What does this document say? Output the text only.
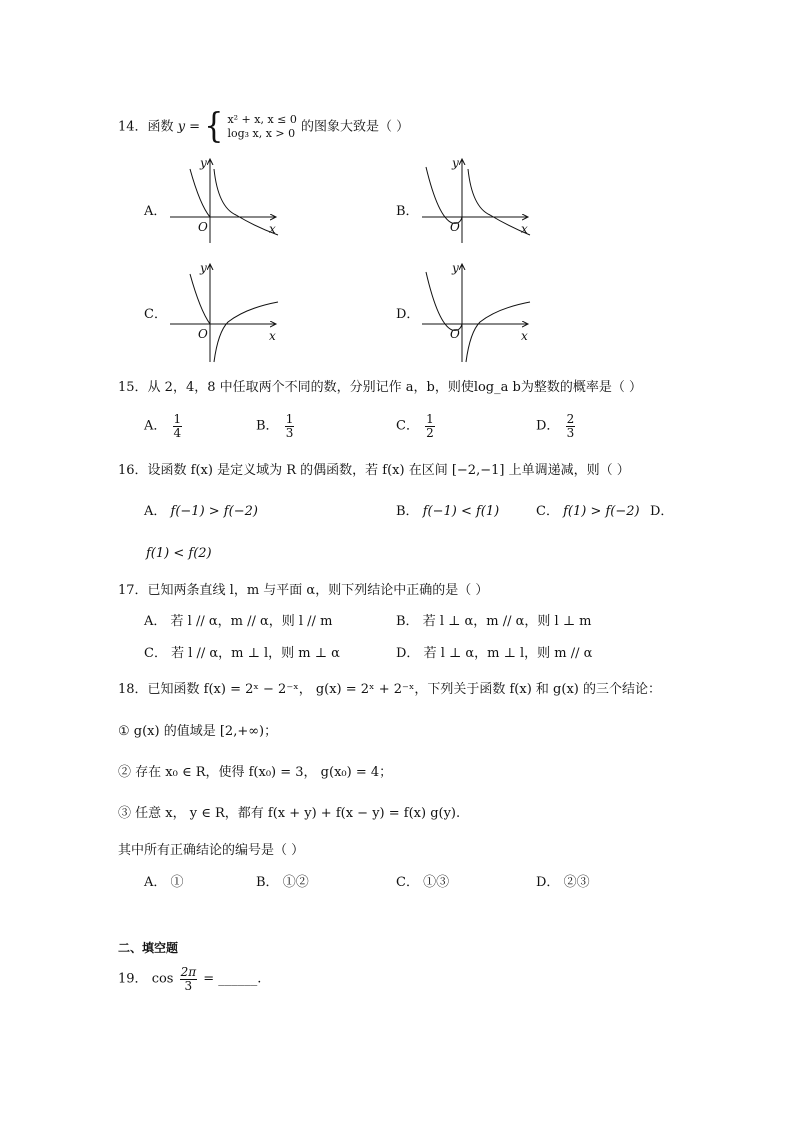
14．函数 y = { x² + x, x ≤ 0
log₃ x, x > 0 的图象大致是（ ）
A．	B．
C．	D．
O	x
y
O	x
y
O	x
y
O	x
y
15．从 2，4，8 中任取两个不同的数，分别记作 a，b，则使log_a b为整数的概率是（ ）
A． $\frac{1}{4}$	B． $\frac{1}{3}$	C． $\frac{1}{2}$	D． $\frac{2}{3}$
16．设函数 f(x) 是定义域为 R 的偶函数，若 f(x) 在区间 [−2,−1] 上单调递减，则（ ）
A． f(−1) > f(−2)	B． f(−1) < f(1)	C． f(1) > f(−2) D．
f(1) < f(2)
17．已知两条直线 l，m 与平面 α，则下列结论中正确的是（ ）
A． 若 l // α，m // α，则 l // m	B． 若 l ⊥ α，m // α，则 l ⊥ m
C． 若 l // α，m ⊥ l，则 m ⊥ α	D． 若 l ⊥ α，m ⊥ l，则 m // α
18．已知函数 f(x) = 2ˣ − 2⁻ˣ， g(x) = 2ˣ + 2⁻ˣ，下列关于函数 f(x) 和 g(x) 的三个结论：
① g(x) 的值域是 [2,+∞)；
② 存在 x₀ ∈ R，使得 f(x₀) = 3， g(x₀) = 4；
③ 任意 x， y ∈ R，都有 f(x + y) + f(x − y) = f(x) g(y).
其中所有正确结论的编号是（ ）
A． ①	B． ①②	C． ①③	D． ②③
二、填空题
19． $\cos \frac{2\pi}{3}$ = ______.
